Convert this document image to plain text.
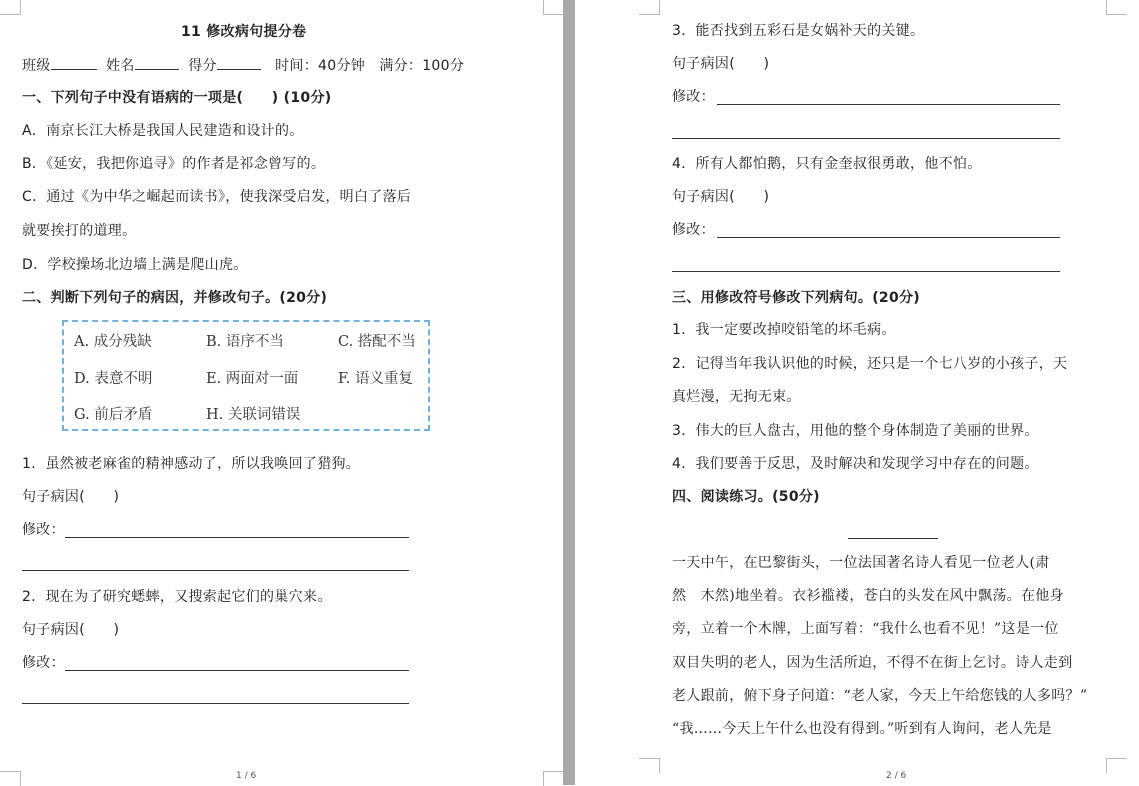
11 修改病句提分卷
班级	姓名	得分	时间：40分钟 满分：100分
一、下列句子中没有语病的一项是(　　) (10分)
A．南京长江大桥是我国人民建造和设计的。
B．《延安，我把你追寻》的作者是祁念曾写的。
C．通过《为中华之崛起而读书》，使我深受启发，明白了落后
就要挨打的道理。
D．学校操场北边墙上满是爬山虎。
二、判断下列句子的病因，并修改句子。(20分)
A. 成分残缺	B. 语序不当	C. 搭配不当
D. 表意不明	E. 两面对一面	F. 语义重复
G. 前后矛盾	H. 关联词错误
1．虽然被老麻雀的精神感动了，所以我唤回了猎狗。
句子病因(　　)
修改：
2．现在为了研究蟋蟀，又搜索起它们的巢穴来。
句子病因(　　)
修改：
1 / 6
3．能否找到五彩石是女娲补天的关键。
句子病因(　　)
修改：
4．所有人都怕鹅，只有金奎叔很勇敢，他不怕。
句子病因(　　)
修改：
三、用修改符号修改下列病句。(20分)
1．我一定要改掉咬铅笔的坏毛病。
2．记得当年我认识他的时候，还只是一个七八岁的小孩子，天
真烂漫，无拘无束。
3．伟大的巨人盘古，用他的整个身体制造了美丽的世界。
4．我们要善于反思，及时解决和发现学习中存在的问题。
四、阅读练习。(50分)
一天中午，在巴黎街头，一位法国著名诗人看见一位老人(肃
然　木然)地坐着。衣衫褴褛，苍白的头发在风中飘荡。在他身
旁，立着一个木牌，上面写着：“我什么也看不见！”这是一位
双目失明的老人，因为生活所迫，不得不在街上乞讨。诗人走到
老人跟前，俯下身子问道：“老人家，今天上午给您钱的人多吗？”
“我……今天上午什么也没有得到。”听到有人询问，老人先是
2 / 6
